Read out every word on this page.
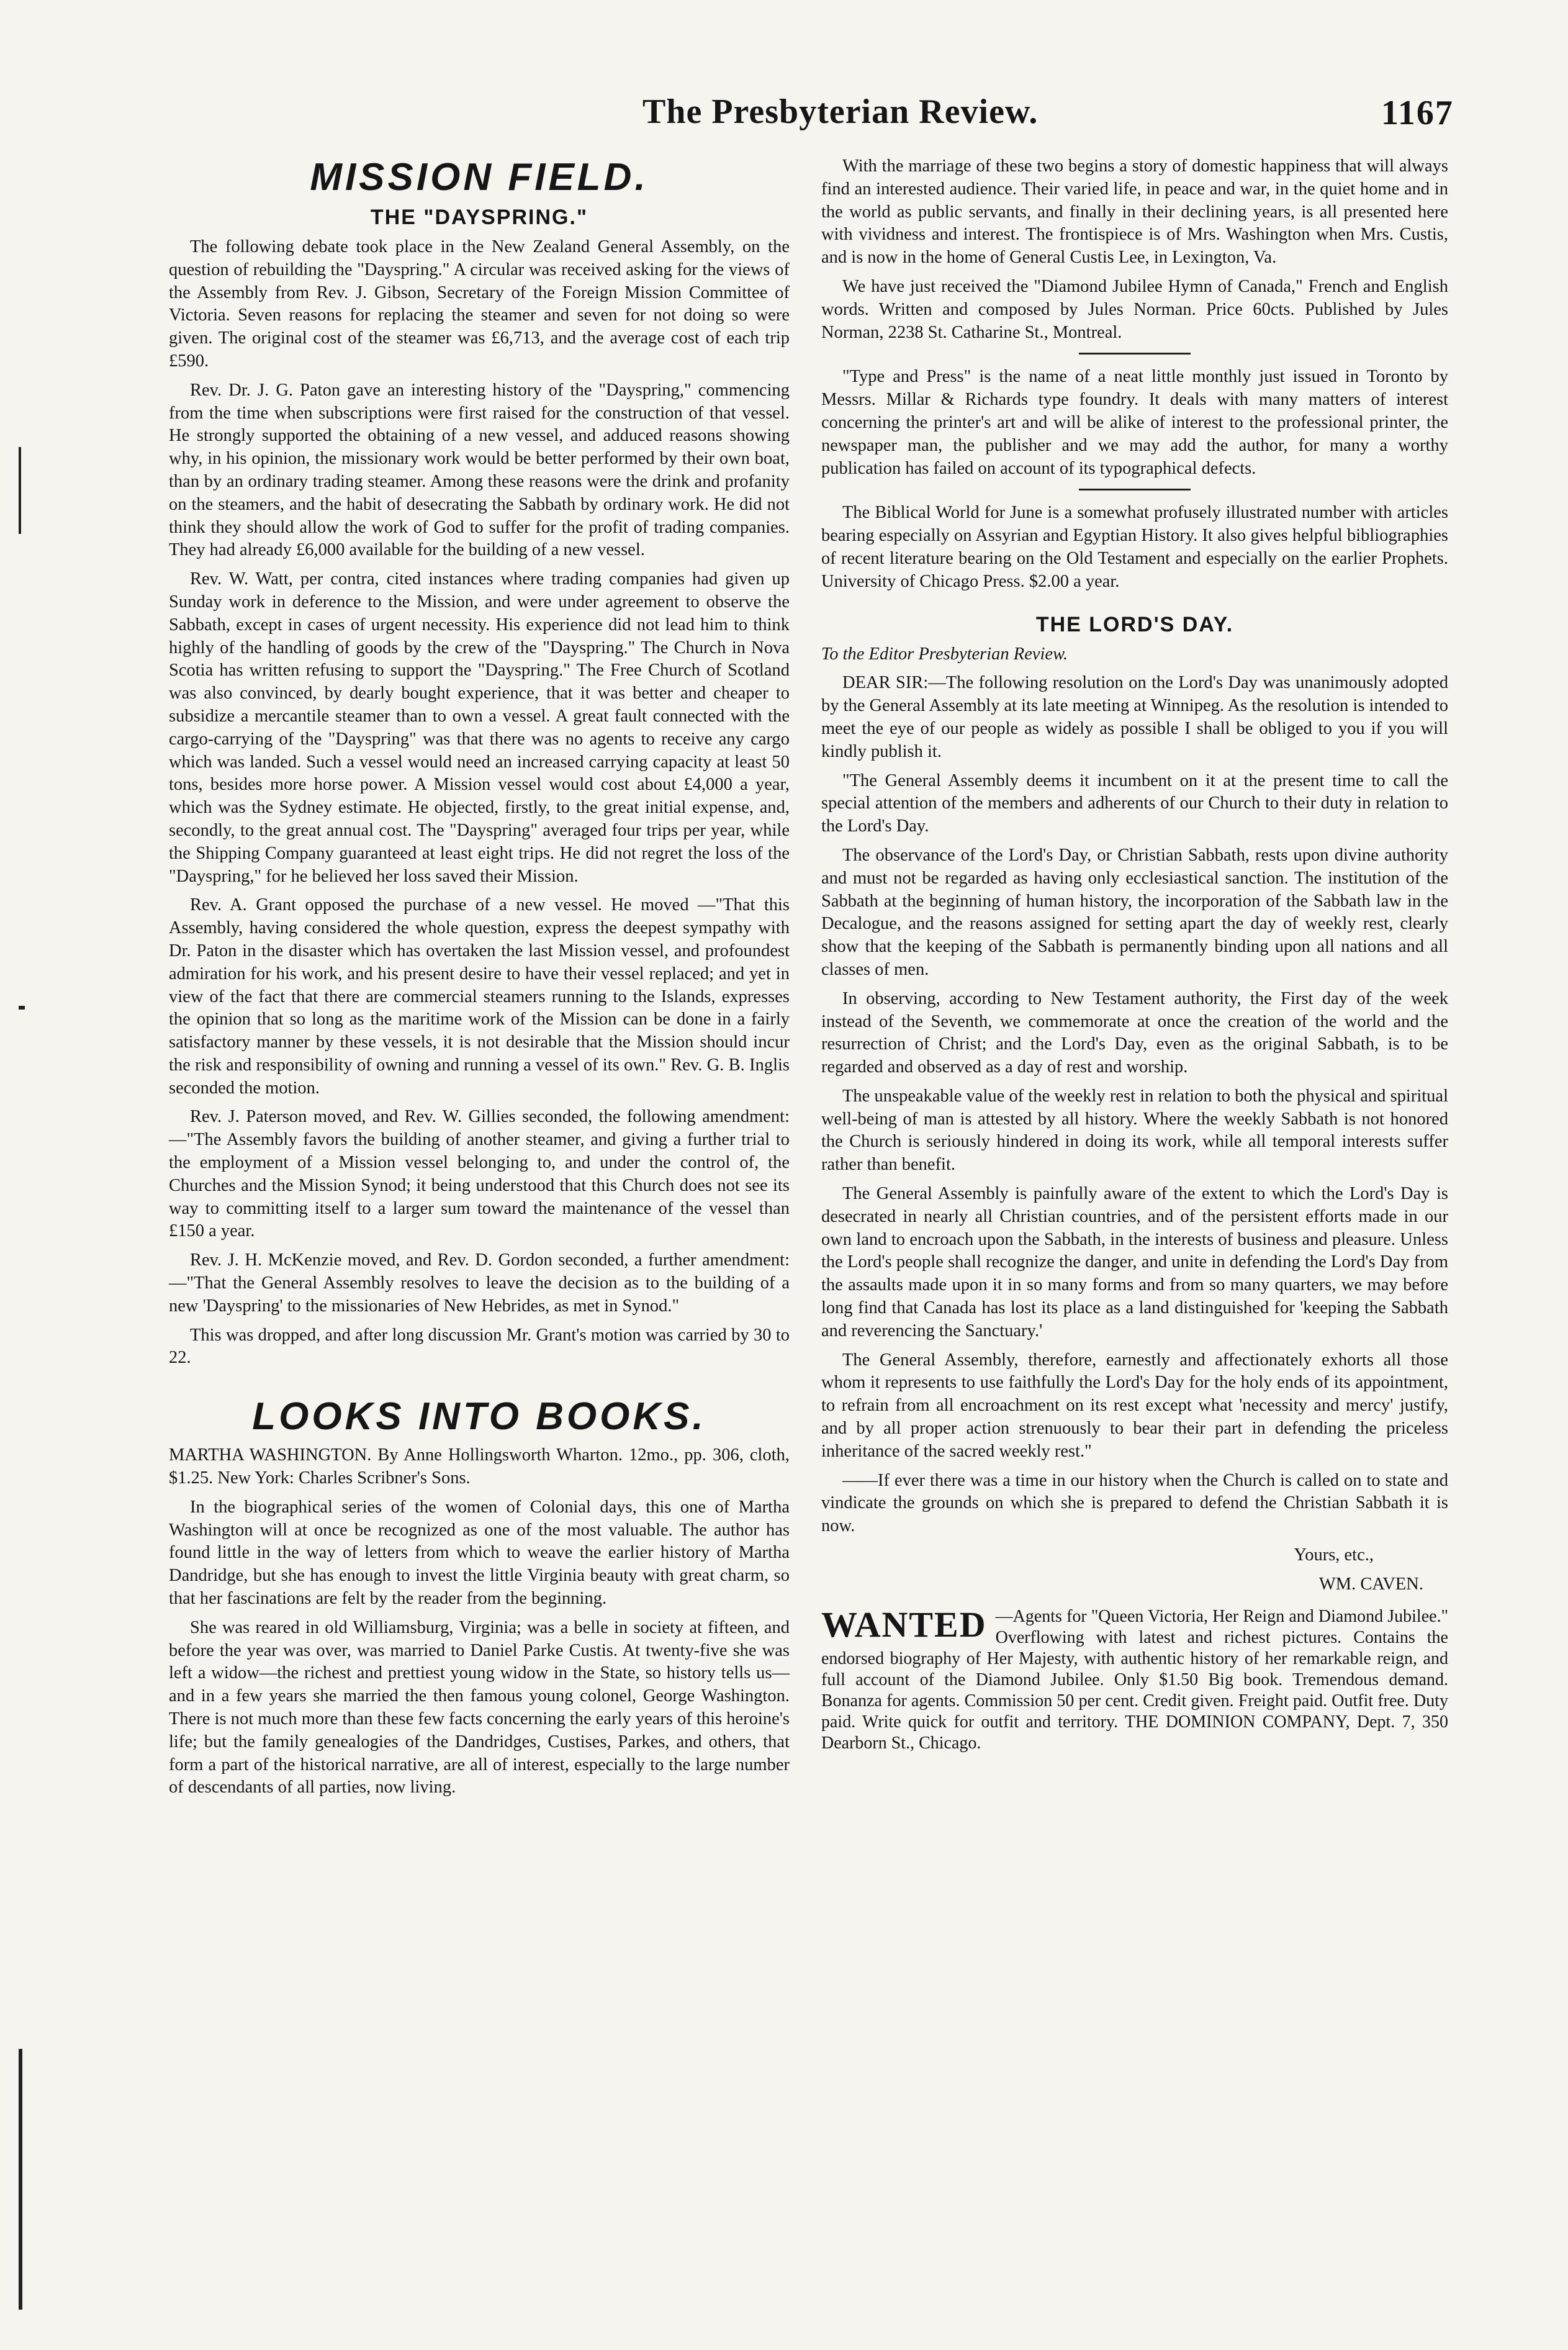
The Presbyterian Review.	1167
MISSION FIELD.
THE "DAYSPRING."

The following debate took place in the New Zealand General Assembly, on the question of rebuilding the "Dayspring." A circular was received asking for the views of the Assembly from Rev. J. Gibson, Secretary of the Foreign Mission Committee of Victoria. Seven reasons for replacing the steamer and seven for not doing so were given. The original cost of the steamer was £6,713, and the average cost of each trip £590.

Rev. Dr. J. G. Paton gave an interesting history of the "Dayspring," commencing from the time when subscriptions were first raised for the construction of that vessel. He strongly supported the obtaining of a new vessel, and adduced reasons showing why, in his opinion, the missionary work would be better performed by their own boat, than by an ordinary trading steamer. Among these reasons were the drink and profanity on the steamers, and the habit of desecrating the Sabbath by ordinary work. He did not think they should allow the work of God to suffer for the profit of trading companies. They had already £6,000 available for the building of a new vessel.

Rev. W. Watt, per contra, cited instances where trading companies had given up Sunday work in deference to the Mission, and were under agreement to observe the Sabbath, except in cases of urgent necessity. His experience did not lead him to think highly of the handling of goods by the crew of the "Dayspring." The Church in Nova Scotia has written refusing to support the "Dayspring." The Free Church of Scotland was also convinced, by dearly bought experience, that it was better and cheaper to subsidize a mercantile steamer than to own a vessel. A great fault connected with the cargo-carrying of the "Dayspring" was that there was no agents to receive any cargo which was landed. Such a vessel would need an increased carrying capacity at least 50 tons, besides more horse power. A Mission vessel would cost about £4,000 a year, which was the Sydney estimate. He objected, firstly, to the great initial expense, and, secondly, to the great annual cost. The "Dayspring" averaged four trips per year, while the Shipping Company guaranteed at least eight trips. He did not regret the loss of the "Dayspring," for he believed her loss saved their Mission.

Rev. A. Grant opposed the purchase of a new vessel. He moved —"That this Assembly, having considered the whole question, express the deepest sympathy with Dr. Paton in the disaster which has overtaken the last Mission vessel, and profoundest admiration for his work, and his present desire to have their vessel replaced; and yet in view of the fact that there are commercial steamers running to the Islands, expresses the opinion that so long as the maritime work of the Mission can be done in a fairly satisfactory manner by these vessels, it is not desirable that the Mission should incur the risk and responsibility of owning and running a vessel of its own." Rev. G. B. Inglis seconded the motion.

Rev. J. Paterson moved, and Rev. W. Gillies seconded, the following amendment:—"The Assembly favors the building of another steamer, and giving a further trial to the employment of a Mission vessel belonging to, and under the control of, the Churches and the Mission Synod; it being understood that this Church does not see its way to committing itself to a larger sum toward the maintenance of the vessel than £150 a year.

Rev. J. H. McKenzie moved, and Rev. D. Gordon seconded, a further amendment:—"That the General Assembly resolves to leave the decision as to the building of a new 'Dayspring' to the missionaries of New Hebrides, as met in Synod."

This was dropped, and after long discussion Mr. Grant's motion was carried by 30 to 22.

LOOKS INTO BOOKS.

MARTHA WASHINGTON. By Anne Hollingsworth Wharton. 12mo., pp. 306, cloth, $1.25. New York: Charles Scribner's Sons.

In the biographical series of the women of Colonial days, this one of Martha Washington will at once be recognized as one of the most valuable. The author has found little in the way of letters from which to weave the earlier history of Martha Dandridge, but she has enough to invest the little Virginia beauty with great charm, so that her fascinations are felt by the reader from the beginning.

She was reared in old Williamsburg, Virginia; was a belle in society at fifteen, and before the year was over, was married to Daniel Parke Custis. At twenty-five she was left a widow—the richest and prettiest young widow in the State, so history tells us—and in a few years she married the then famous young colonel, George Washington. There is not much more than these few facts concerning the early years of this heroine's life; but the family genealogies of the Dandridges, Custises, Parkes, and others, that form a part of the historical narrative, are all of interest, especially to the large number of descendants of all parties, now living.

With the marriage of these two begins a story of domestic happiness that will always find an interested audience. Their varied life, in peace and war, in the quiet home and in the world as public servants, and finally in their declining years, is all presented here with vividness and interest. The frontispiece is of Mrs. Washington when Mrs. Custis, and is now in the home of General Custis Lee, in Lexington, Va.

We have just received the "Diamond Jubilee Hymn of Canada," French and English words. Written and composed by Jules Norman. Price 60cts. Published by Jules Norman, 2238 St. Catharine St., Montreal.

"Type and Press" is the name of a neat little monthly just issued in Toronto by Messrs. Millar & Richards type foundry. It deals with many matters of interest concerning the printer's art and will be alike of interest to the professional printer, the newspaper man, the publisher and we may add the author, for many a worthy publication has failed on account of its typographical defects.

The Biblical World for June is a somewhat profusely illustrated number with articles bearing especially on Assyrian and Egyptian History. It also gives helpful bibliographies of recent literature bearing on the Old Testament and especially on the earlier Prophets. University of Chicago Press. $2.00 a year.

THE LORD'S DAY.

To the Editor Presbyterian Review.

DEAR SIR:—The following resolution on the Lord's Day was unanimously adopted by the General Assembly at its late meeting at Winnipeg. As the resolution is intended to meet the eye of our people as widely as possible I shall be obliged to you if you will kindly publish it.

"The General Assembly deems it incumbent on it at the present time to call the special attention of the members and adherents of our Church to their duty in relation to the Lord's Day.

The observance of the Lord's Day, or Christian Sabbath, rests upon divine authority and must not be regarded as having only ecclesiastical sanction. The institution of the Sabbath at the beginning of human history, the incorporation of the Sabbath law in the Decalogue, and the reasons assigned for setting apart the day of weekly rest, clearly show that the keeping of the Sabbath is permanently binding upon all nations and all classes of men.

In observing, according to New Testament authority, the First day of the week instead of the Seventh, we commemorate at once the creation of the world and the resurrection of Christ; and the Lord's Day, even as the original Sabbath, is to be regarded and observed as a day of rest and worship.

The unspeakable value of the weekly rest in relation to both the physical and spiritual well-being of man is attested by all history. Where the weekly Sabbath is not honored the Church is seriously hindered in doing its work, while all temporal interests suffer rather than benefit.

The General Assembly is painfully aware of the extent to which the Lord's Day is desecrated in nearly all Christian countries, and of the persistent efforts made in our own land to encroach upon the Sabbath, in the interests of business and pleasure. Unless the Lord's people shall recognize the danger, and unite in defending the Lord's Day from the assaults made upon it in so many forms and from so many quarters, we may before long find that Canada has lost its place as a land distinguished for 'keeping the Sabbath and reverencing the Sanctuary.'

The General Assembly, therefore, earnestly and affectionately exhorts all those whom it represents to use faithfully the Lord's Day for the holy ends of its appointment, to refrain from all encroachment on its rest except what 'necessity and mercy' justify, and by all proper action strenuously to bear their part in defending the priceless inheritance of the sacred weekly rest."

——If ever there was a time in our history when the Church is called on to state and vindicate the grounds on which she is prepared to defend the Christian Sabbath it is now.

Yours, etc.,

WM. CAVEN.

WANTED —Agents for "Queen Victoria, Her Reign and Diamond Jubilee." Overflowing with latest and richest pictures. Contains the endorsed biography of Her Majesty, with authentic history of her remarkable reign, and full account of the Diamond Jubilee. Only $1.50 Big book. Tremendous demand. Bonanza for agents. Commission 50 per cent. Credit given. Freight paid. Outfit free. Duty paid. Write quick for outfit and territory. THE DOMINION COMPANY, Dept. 7, 350 Dearborn St., Chicago.
